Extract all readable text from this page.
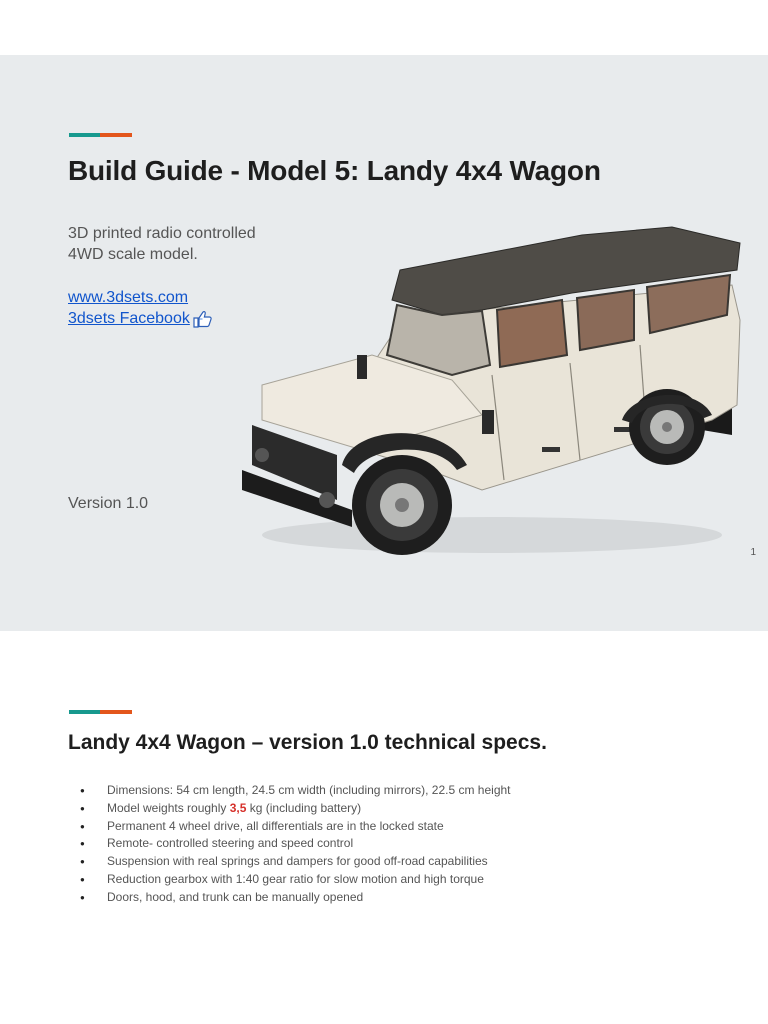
Build Guide - Model 5: Landy 4x4 Wagon
3D printed radio controlled
4WD scale model.
www.3dsets.com
3dsets Facebook
Version 1.0
1
Landy 4x4 Wagon – version 1.0 technical specs.
● Dimensions: 54 cm length, 24.5 cm width (including mirrors), 22.5 cm height
● Model weights roughly 3,5 kg (including battery)
● Permanent 4 wheel drive, all differentials are in the locked state
● Remote- controlled steering and speed control
● Suspension with real springs and dampers for good off-road capabilities
● Reduction gearbox with 1:40 gear ratio for slow motion and high torque
● Doors, hood, and trunk can be manually opened
